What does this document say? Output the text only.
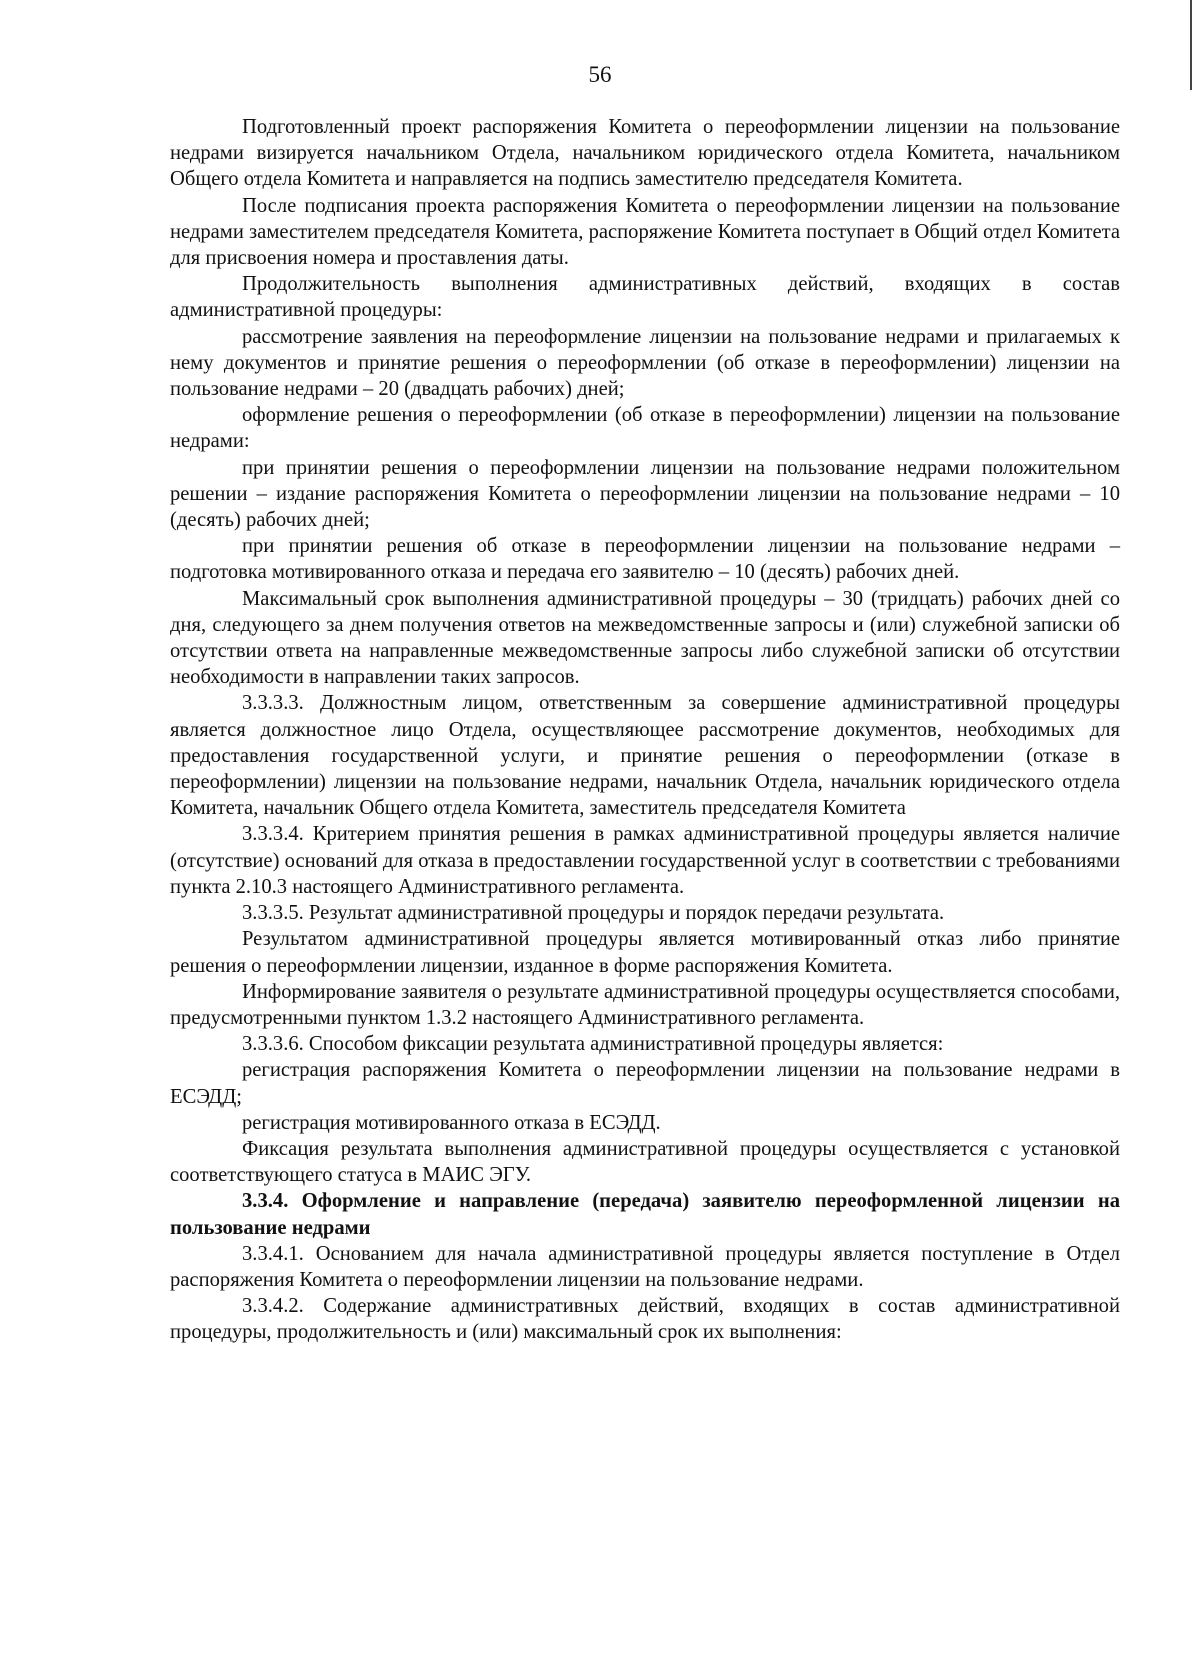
56

Подготовленный проект распоряжения Комитета о переоформлении лицензии на пользование недрами визируется начальником Отдела, начальником юридического отдела Комитета, начальником Общего отдела Комитета и направляется на подпись заместителю председателя Комитета.

После подписания проекта распоряжения Комитета о переоформлении лицензии на пользование недрами заместителем председателя Комитета, распоряжение Комитета поступает в Общий отдел Комитета для присвоения номера и проставления даты.

Продолжительность выполнения административных действий, входящих в состав административной процедуры:

рассмотрение заявления на переоформление лицензии на пользование недрами и прилагаемых к нему документов и принятие решения о переоформлении (об отказе в переоформлении) лицензии на пользование недрами – 20 (двадцать рабочих) дней;

оформление решения о переоформлении (об отказе в переоформлении) лицензии на пользование недрами:

при принятии решения о переоформлении лицензии на пользование недрами положительном решении – издание распоряжения Комитета о переоформлении лицензии на пользование недрами – 10 (десять) рабочих дней;

при принятии решения об отказе в переоформлении лицензии на пользование недрами – подготовка мотивированного отказа и передача его заявителю – 10 (десять) рабочих дней.

Максимальный срок выполнения административной процедуры – 30 (тридцать) рабочих дней со дня, следующего за днем получения ответов на межведомственные запросы и (или) служебной записки об отсутствии ответа на направленные межведомственные запросы либо служебной записки об отсутствии необходимости в направлении таких запросов.

3.3.3.3. Должностным лицом, ответственным за совершение административной процедуры является должностное лицо Отдела, осуществляющее рассмотрение документов, необходимых для предоставления государственной услуги, и принятие решения о переоформлении (отказе в переоформлении) лицензии на пользование недрами, начальник Отдела, начальник юридического отдела Комитета, начальник Общего отдела Комитета, заместитель председателя Комитета

3.3.3.4. Критерием принятия решения в рамках административной процедуры является наличие (отсутствие) оснований для отказа в предоставлении государственной услуг в соответствии с требованиями пункта 2.10.3 настоящего Административного регламента.

3.3.3.5. Результат административной процедуры и порядок передачи результата.

Результатом административной процедуры является мотивированный отказ либо принятие решения о переоформлении лицензии, изданное в форме распоряжения Комитета.

Информирование заявителя о результате административной процедуры осуществляется способами, предусмотренными пунктом 1.3.2 настоящего Административного регламента.

3.3.3.6. Способом фиксации результата административной процедуры является:

регистрация распоряжения Комитета о переоформлении лицензии на пользование недрами в ЕСЭДД;

регистрация мотивированного отказа в ЕСЭДД.

Фиксация результата выполнения административной процедуры осуществляется с установкой соответствующего статуса в МАИС ЭГУ.

3.3.4. Оформление и направление (передача) заявителю переоформленной лицензии на пользование недрами

3.3.4.1. Основанием для начала административной процедуры является поступление в Отдел распоряжения Комитета о переоформлении лицензии на пользование недрами.

3.3.4.2. Содержание административных действий, входящих в состав административной процедуры, продолжительность и (или) максимальный срок их выполнения:
